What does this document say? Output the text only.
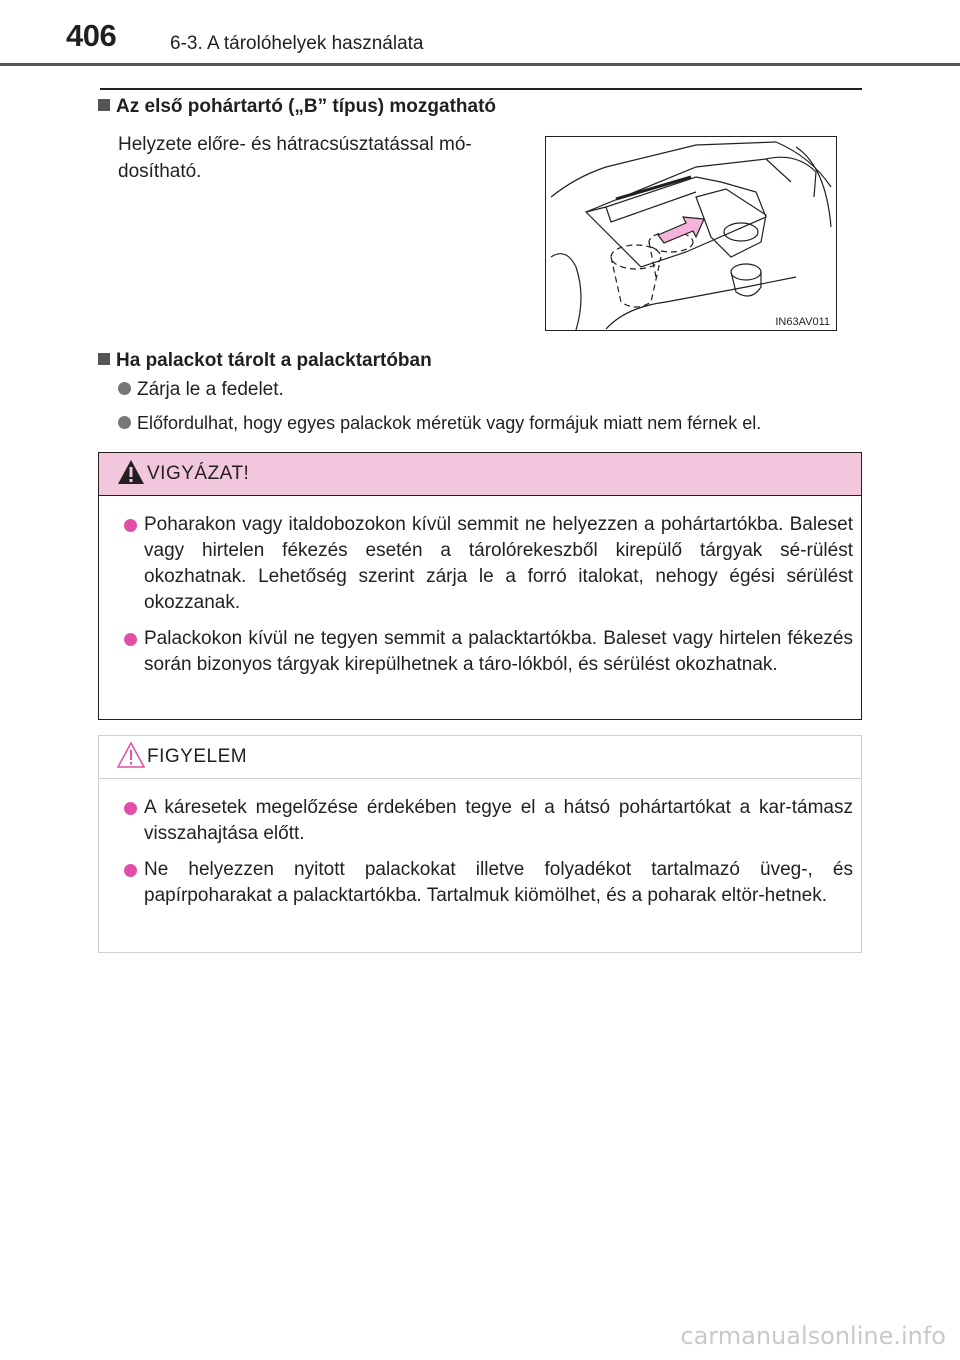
406	6-3. A tárolóhelyek használata
Az első pohártartó („B” típus) mozgatható
Helyzete előre- és hátracsúsztatással mó-dosítható.
IN63AV011
Ha palackot tárolt a palacktartóban
Zárja le a fedelet.
Előfordulhat, hogy egyes palackok méretük vagy formájuk miatt nem férnek el.
VIGYÁZAT!
Poharakon vagy italdobozokon kívül semmit ne helyezzen a pohártartókba. Baleset vagy hirtelen fékezés esetén a tárolórekeszből kirepülő tárgyak sé-rülést okozhatnak. Lehetőség szerint zárja le a forró italokat, nehogy égési sérülést okozzanak.
Palackokon kívül ne tegyen semmit a palacktartókba. Baleset vagy hirtelen fékezés során bizonyos tárgyak kirepülhetnek a táro-lókból, és sérülést okozhatnak.
FIGYELEM
A káresetek megelőzése érdekében tegye el a hátsó pohártartókat a kar-támasz visszahajtása előtt.
Ne helyezzen nyitott palackokat illetve folyadékot tartalmazó üveg-, és papírpoharakat a palacktartókba. Tartalmuk kiömölhet, és a poharak eltör-hetnek.
carmanualsonline.info
